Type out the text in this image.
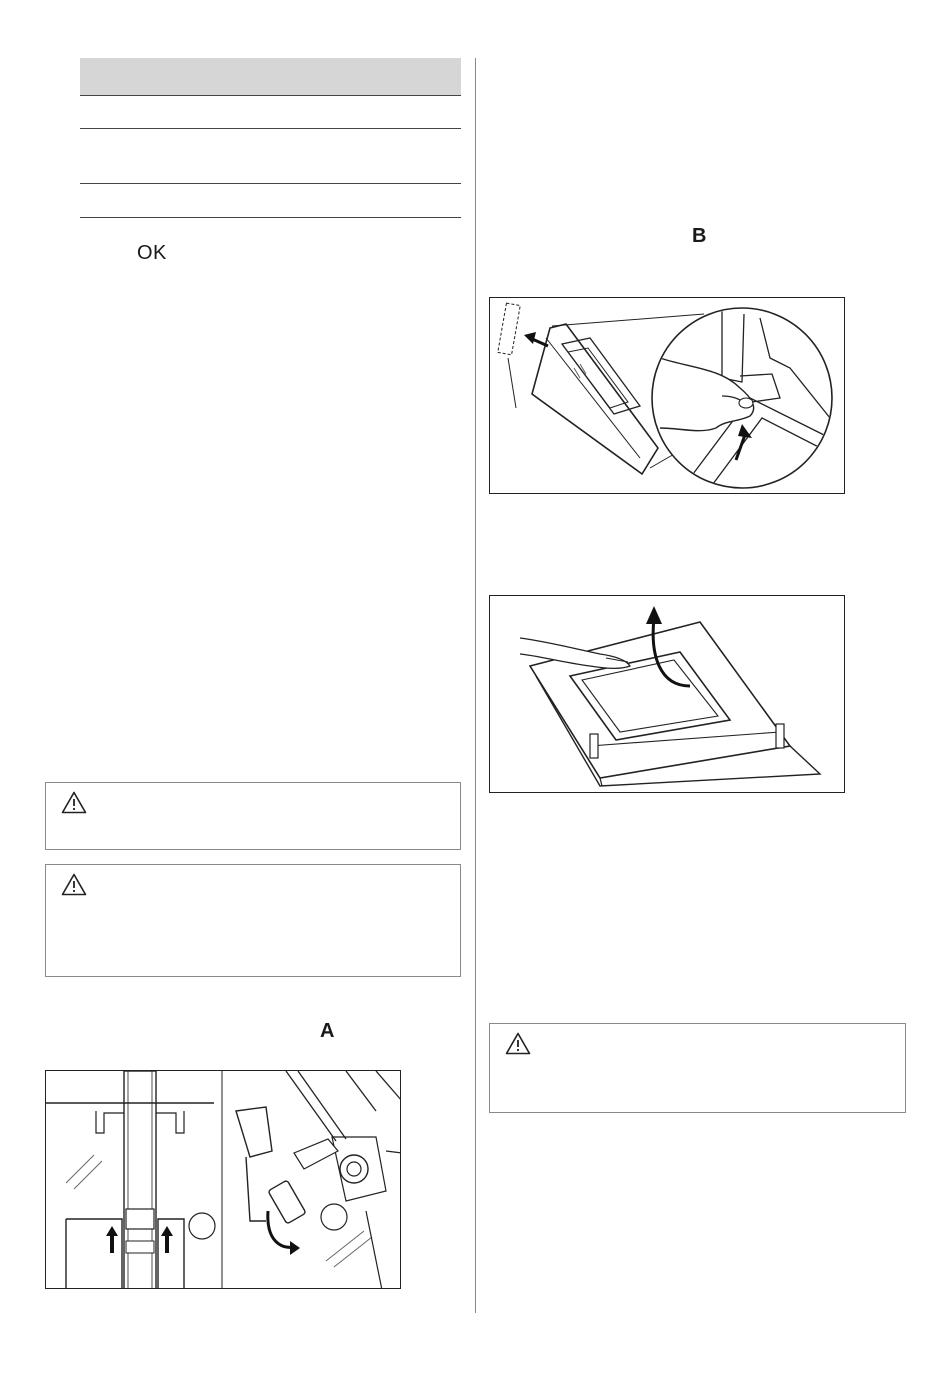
OK
A
B
